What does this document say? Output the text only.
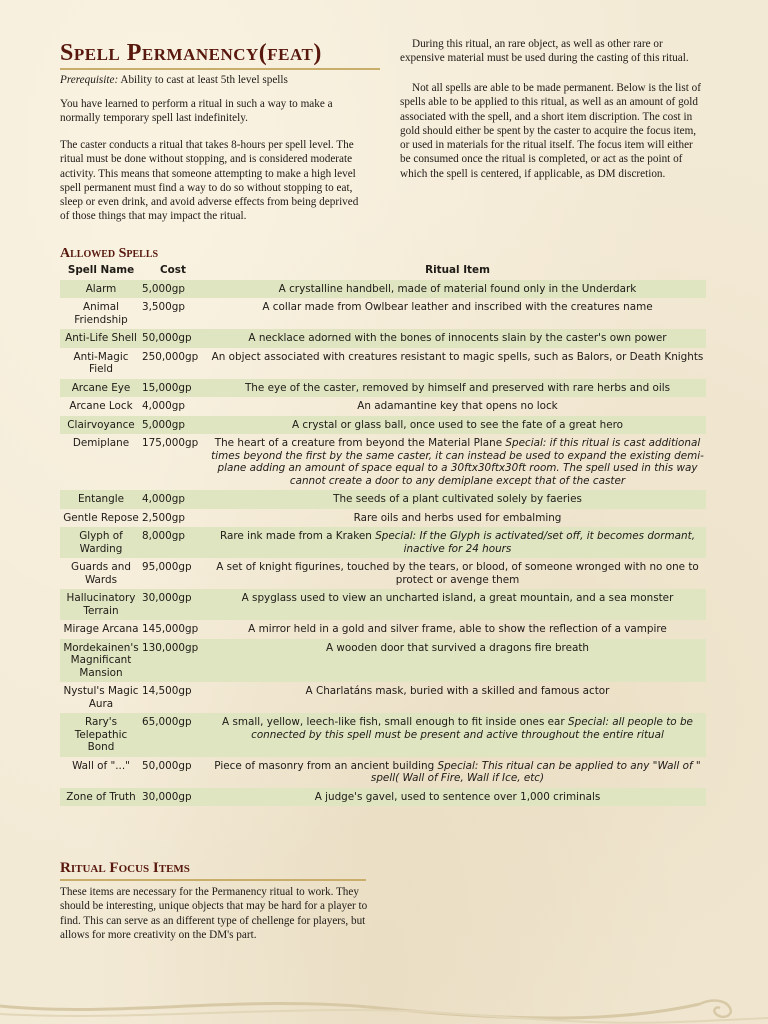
Spell Permanency(feat)
Prerequisite: Ability to cast at least 5th level spells
You have learned to perform a ritual in such a way to make a normally temporary spell last indefinitely.
The caster conducts a ritual that takes 8-hours per spell level. The ritual must be done without stopping, and is considered moderate activity. This means that someone attempting to make a high level spell permanent must find a way to do so without stopping to eat, sleep or even drink, and avoid adverse effects from being deprived of those things that may impact the ritual.
During this ritual, an rare object, as well as other rare or expensive material must be used during the casting of this ritual.
Not all spells are able to be made permanent. Below is the list of spells able to be applied to this ritual, as well as an amount of gold associated with the spell, and a short item discription. The cost in gold should either be spent by the caster to acquire the focus item, or used in materials for the ritual itself. The focus item will either be consumed once the ritual is completed, or act as the point of which the spell is centered, if applicable, as DM discretion.
Allowed Spells
Spell Name	Cost	Ritual Item
Alarm	5,000gp	A crystalline handbell, made of material found only in the Underdark
Animal Friendship	3,500gp	A collar made from Owlbear leather and inscribed with the creatures name
Anti-Life Shell	50,000gp	A necklace adorned with the bones of innocents slain by the caster's own power
Anti-Magic Field	250,000gp	An object associated with creatures resistant to magic spells, such as Balors, or Death Knights
Arcane Eye	15,000gp	The eye of the caster, removed by himself and preserved with rare herbs and oils
Arcane Lock	4,000gp	An adamantine key that opens no lock
Clairvoyance	5,000gp	A crystal or glass ball, once used to see the fate of a great hero
Demiplane	175,000gp	The heart of a creature from beyond the Material Plane Special: if this ritual is cast additional times beyond the first by the same caster, it can instead be used to expand the existing demi-plane adding an amount of space equal to a 30ftx30ftx30ft room. The spell used in this way cannot create a door to any demiplane except that of the caster
Entangle	4,000gp	The seeds of a plant cultivated solely by faeries
Gentle Repose	2,500gp	Rare oils and herbs used for embalming
Glyph of Warding	8,000gp	Rare ink made from a Kraken Special: If the Glyph is activated/set off, it becomes dormant, inactive for 24 hours
Guards and Wards	95,000gp	A set of knight figurines, touched by the tears, or blood, of someone wronged with no one to protect or avenge them
Hallucinatory Terrain	30,000gp	A spyglass used to view an uncharted island, a great mountain, and a sea monster
Mirage Arcana	145,000gp	A mirror held in a gold and silver frame, able to show the reflection of a vampire
Mordekainen's Magnificant Mansion	130,000gp	A wooden door that survived a dragons fire breath
Nystul's Magic Aura	14,500gp	A Charlatáns mask, buried with a skilled and famous actor
Rary's Telepathic Bond	65,000gp	A small, yellow, leech-like fish, small enough to fit inside ones ear Special: all people to be connected by this spell must be present and active throughout the entire ritual
Wall of "..."	50,000gp	Piece of masonry from an ancient building Special: This ritual can be applied to any "Wall of " spell( Wall of Fire, Wall if Ice, etc)
Zone of Truth	30,000gp	A judge's gavel, used to sentence over 1,000 criminals
Ritual Focus Items
These items are necessary for the Permanency ritual to work. They should be interesting, unique objects that may be hard for a player to find. This can serve as an different type of chellenge for players, but allows for more creativity on the DM's part.
